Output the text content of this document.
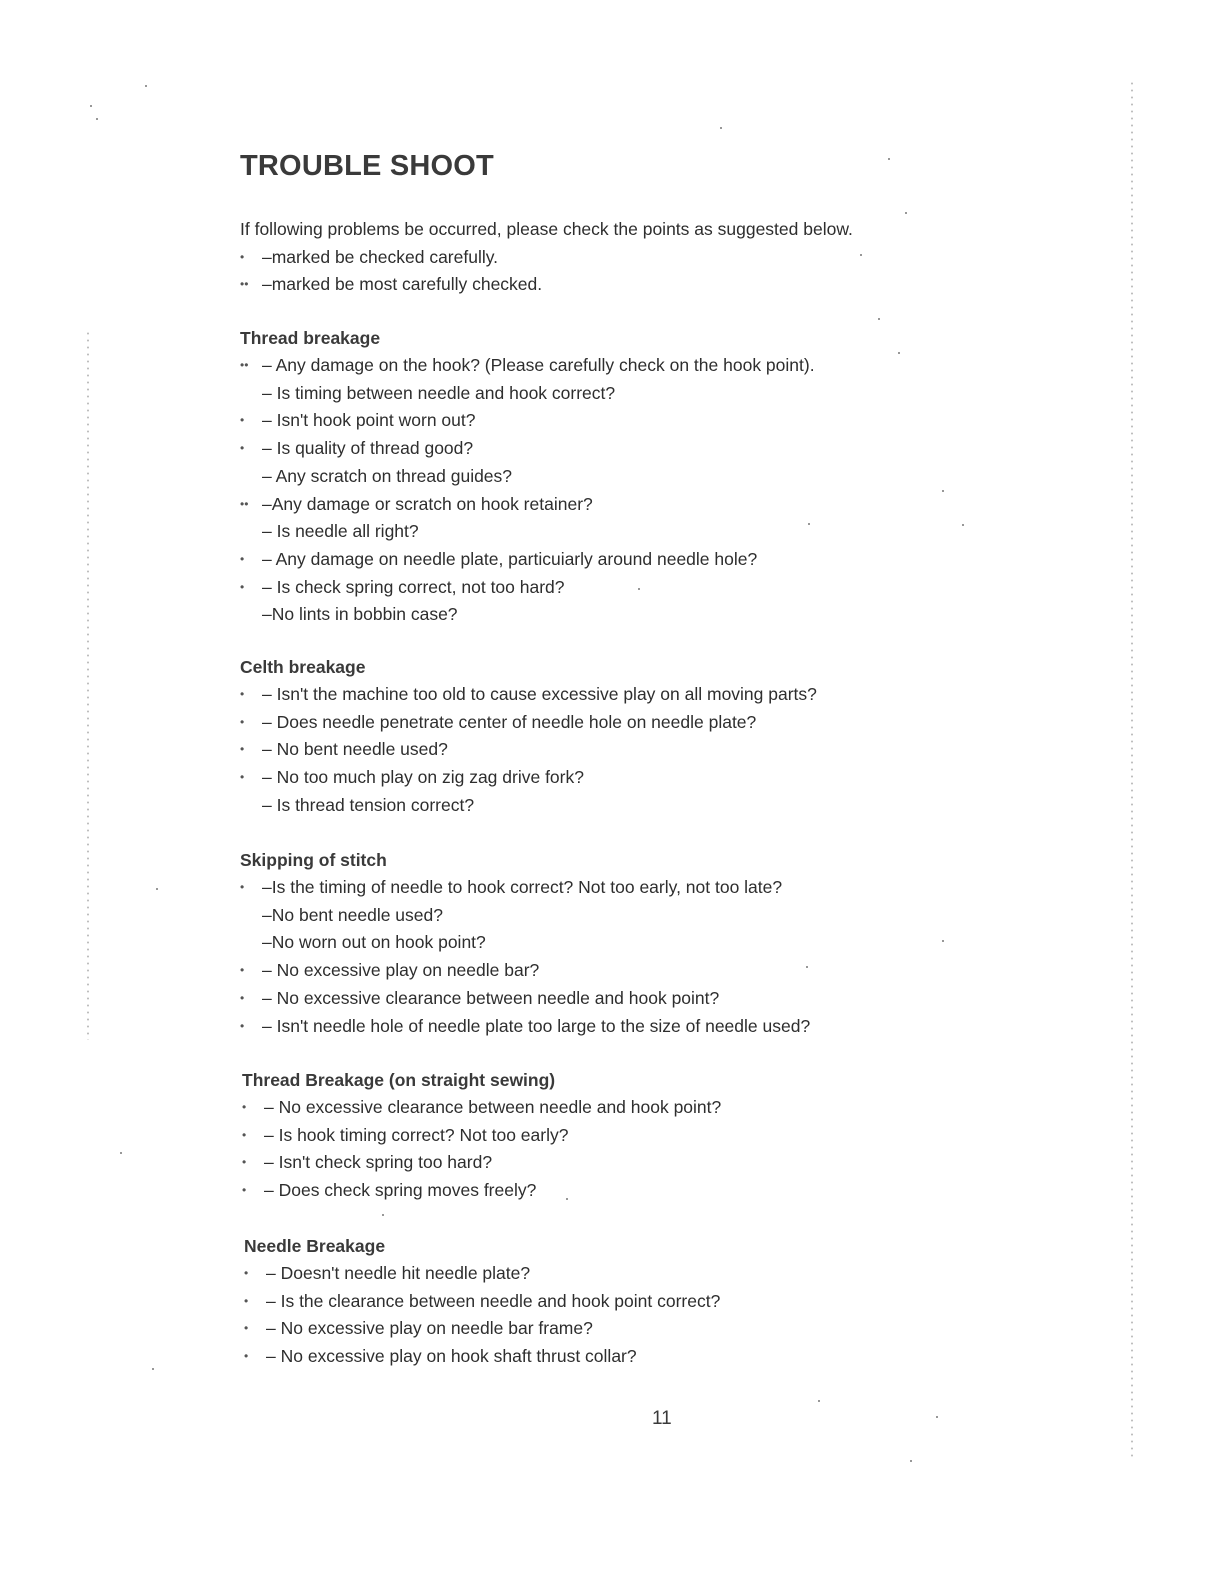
TROUBLE SHOOT
If following problems be occurred, please check the points as suggested below.
•	–marked be checked carefully.
•• –marked be most carefully checked.
Thread breakage
•• – Any damage on the hook? (Please carefully check on the hook point).
– Is timing between needle and hook correct?
•	– Isn't hook point worn out?
•	– Is quality of thread good?
– Any scratch on thread guides?
•• –Any damage or scratch on hook retainer?
– Is needle all right?
•	– Any damage on needle plate, particuiarly around needle hole?
•	– Is check spring correct, not too hard?
–No lints in bobbin case?
Celth breakage
•	– Isn't the machine too old to cause excessive play on all moving parts?
•	– Does needle penetrate center of needle hole on needle plate?
•	– No bent needle used?
•	– No too much play on zig zag drive fork?
– Is thread tension correct?
Skipping of stitch
•	–Is the timing of needle to hook correct? Not too early, not too late?
–No bent needle used?
–No worn out on hook point?
•	– No excessive play on needle bar?
•	– No excessive clearance between needle and hook point?
•	– Isn't needle hole of needle plate too large to the size of needle used?
Thread Breakage (on straight sewing)
•	– No excessive clearance between needle and hook point?
•	– Is hook timing correct? Not too early?
•	– Isn't check spring too hard?
•	– Does check spring moves freely?
Needle Breakage
•	– Doesn't needle hit needle plate?
•	– Is the clearance between needle and hook point correct?
•	– No excessive play on needle bar frame?
•	– No excessive play on hook shaft thrust collar?
11
